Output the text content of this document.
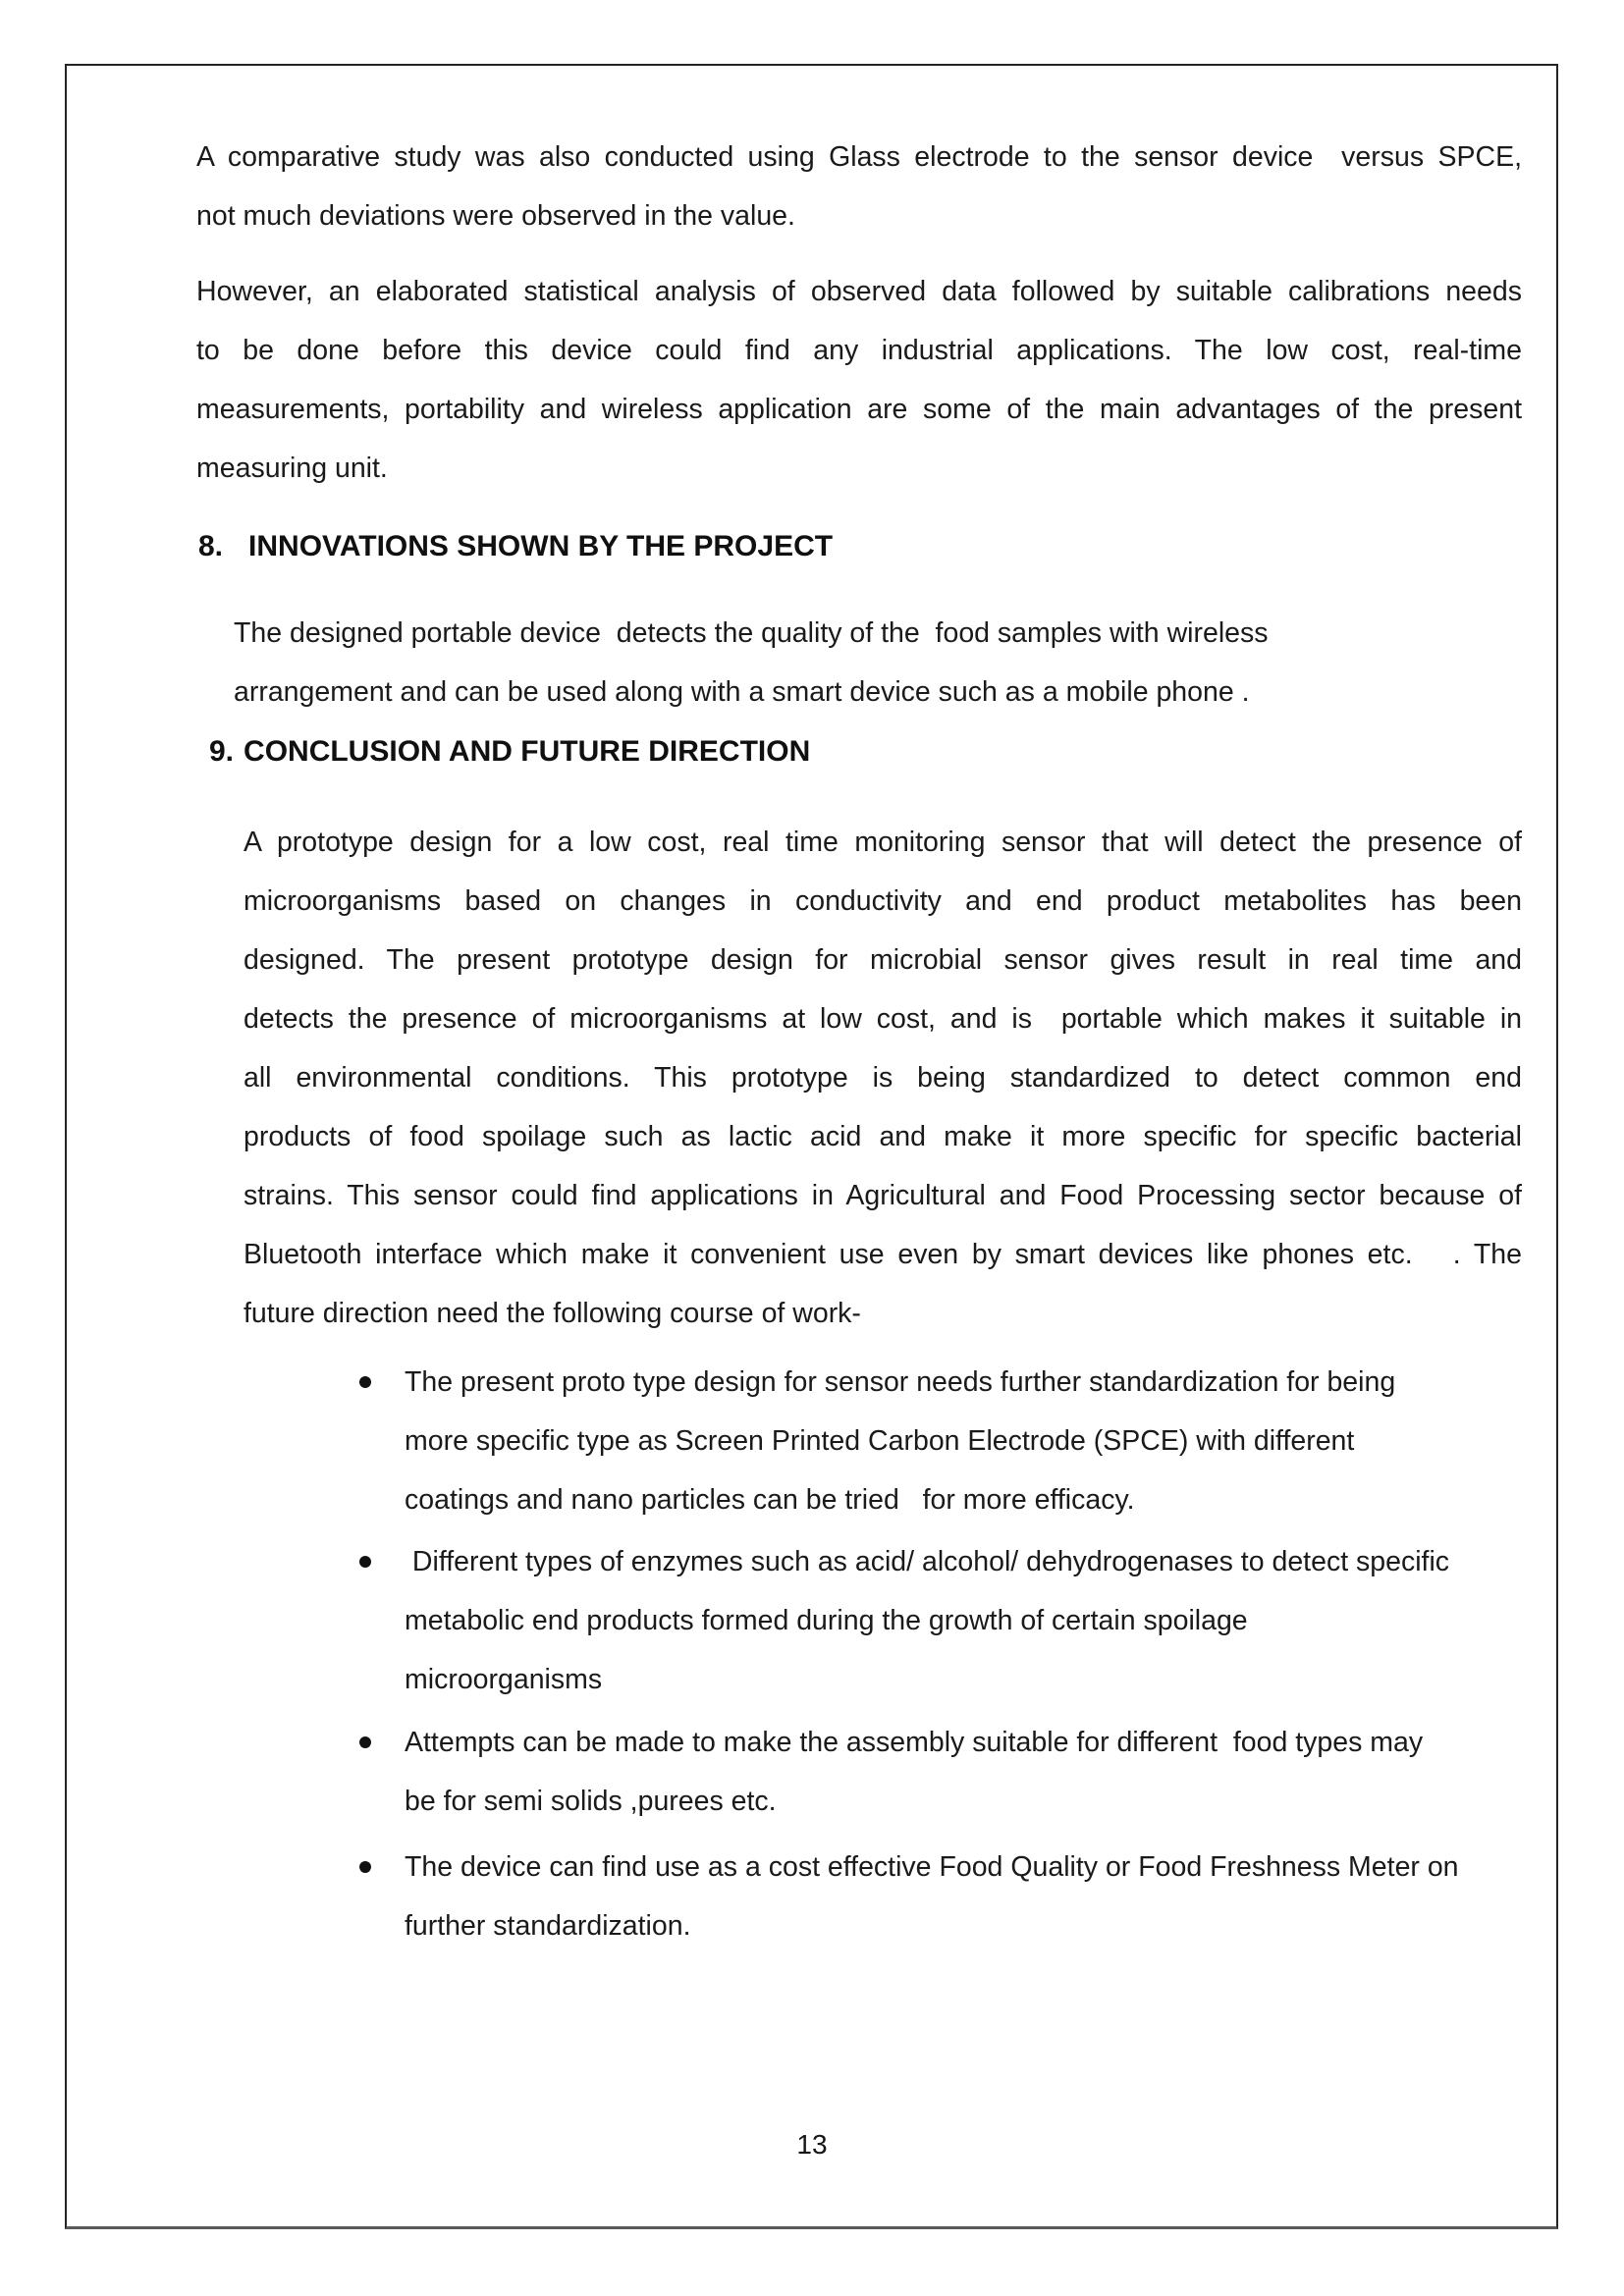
A comparative study was also conducted using Glass electrode to the sensor device  versus SPCE,
not much deviations were observed in the value.
However, an elaborated statistical analysis of observed data followed by suitable calibrations needs
to be done before this device could find any industrial applications. The low cost, real-time
measurements, portability and wireless application are some of the main advantages of the present
measuring unit.
8. INNOVATIONS SHOWN BY THE PROJECT
The designed portable device  detects the quality of the  food samples with wireless
arrangement and can be used along with a smart device such as a mobile phone .
9. CONCLUSION AND FUTURE DIRECTION
A prototype design for a low cost, real time monitoring sensor that will detect the presence of
microorganisms based on changes in conductivity and end product metabolites has been
designed. The present prototype design for microbial sensor gives result in real time and
detects the presence of microorganisms at low cost, and is  portable which makes it suitable in
all environmental conditions. This prototype is being standardized to detect common end
products of food spoilage such as lactic acid and make it more specific for specific bacterial
strains. This sensor could find applications in Agricultural and Food Processing sector because of
Bluetooth interface which make it convenient use even by smart devices like phones etc.   . The
future direction need the following course of work-
The present proto type design for sensor needs further standardization for being
more specific type as Screen Printed Carbon Electrode (SPCE) with different
coatings and nano particles can be tried   for more efficacy.
Different types of enzymes such as acid/ alcohol/ dehydrogenases to detect specific
metabolic end products formed during the growth of certain spoilage
microorganisms
Attempts can be made to make the assembly suitable for different  food types may
be for semi solids ,purees etc.
The device can find use as a cost effective Food Quality or Food Freshness Meter on
further standardization.
13
